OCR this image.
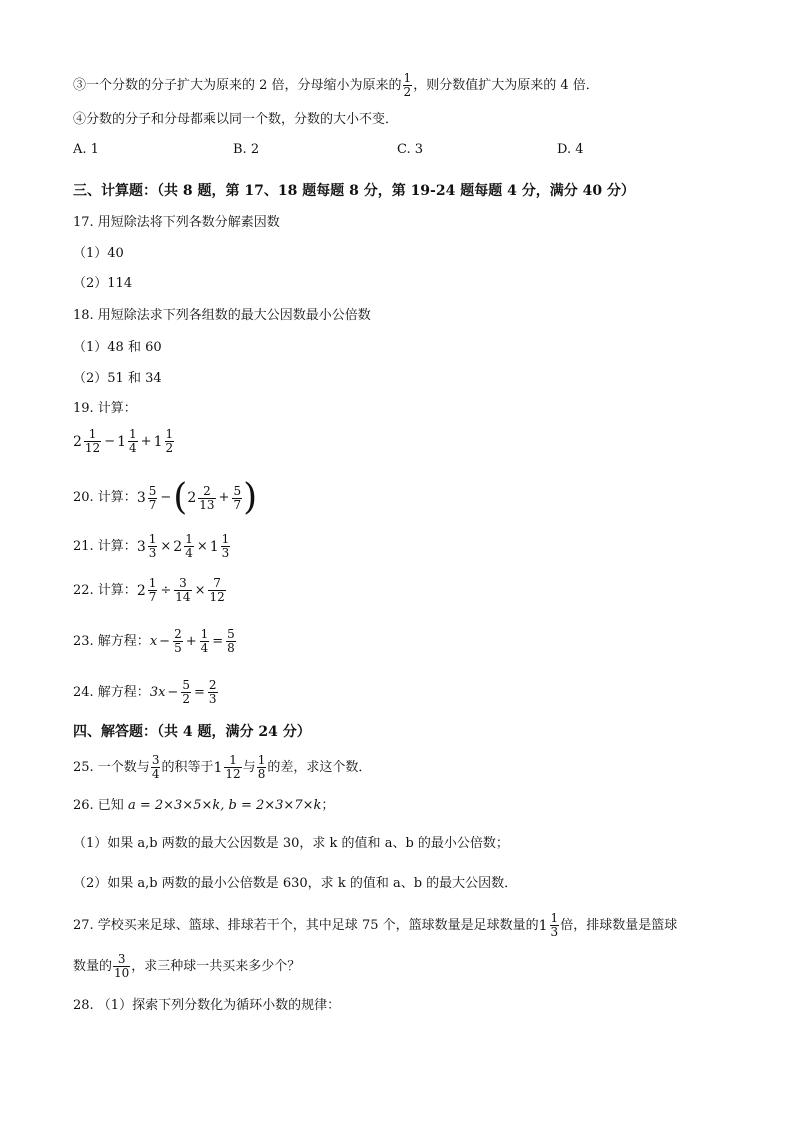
③一个分数的分子扩大为原来的 2 倍，分母缩小为原来的 $\frac{1}{2}$ ，则分数值扩大为原来的 4 倍．
④分数的分子和分母都乘以同一个数，分数的大小不变．
A. 1	B. 2	C. 3	D. 4
三、计算题：（共 8 题，第 17、18 题每题 8 分，第 19-24 题每题 4 分，满分 40 分）
17. 用短除法将下列各数分解素因数
（1）40
（2）114
18. 用短除法求下列各组数的最大公因数最小公倍数
（1）48 和 60
（2）51 和 34
19. 计算：
$2 \frac{1}{12} - 1 \frac{1}{4} + 1 \frac{1}{2}$
20. 计算： $3 \frac{5}{7}$ − ( $2 \frac{2}{13} + \frac{5}{7}$ )
21. 计算： $3 \frac{1}{3} \times 2 \frac{1}{4} \times 1 \frac{1}{3}$
22. 计算： $2 \frac{1}{7} \div \frac{3}{14} \times \frac{7}{12}$
23. 解方程： $x - \frac{2}{5} + \frac{1}{4} = \frac{5}{8}$
24. 解方程： $3x - \frac{5}{2} = \frac{2}{3}$
四、解答题：（共 4 题，满分 24 分）
25. 一个数与 $\frac{3}{4}$ 的积等于 $1 \frac{1}{12}$ 与 $\frac{1}{8}$ 的差，求这个数．
26. 已知 a = 2×3×5×k, b = 2×3×7×k；
（1）如果 a,b 两数的最大公因数是 30，求 k 的值和 a、b 的最小公倍数；
（2）如果 a,b 两数的最小公倍数是 630，求 k 的值和 a、b 的最大公因数．
27. 学校买来足球、篮球、排球若干个，其中足球 75 个，篮球数量是足球数量的 $1 \frac{1}{3}$ 倍，排球数量是篮球
数量的 $\frac{3}{10}$ ，求三种球一共买来多少个？
28. （1）探索下列分数化为循环小数的规律：
